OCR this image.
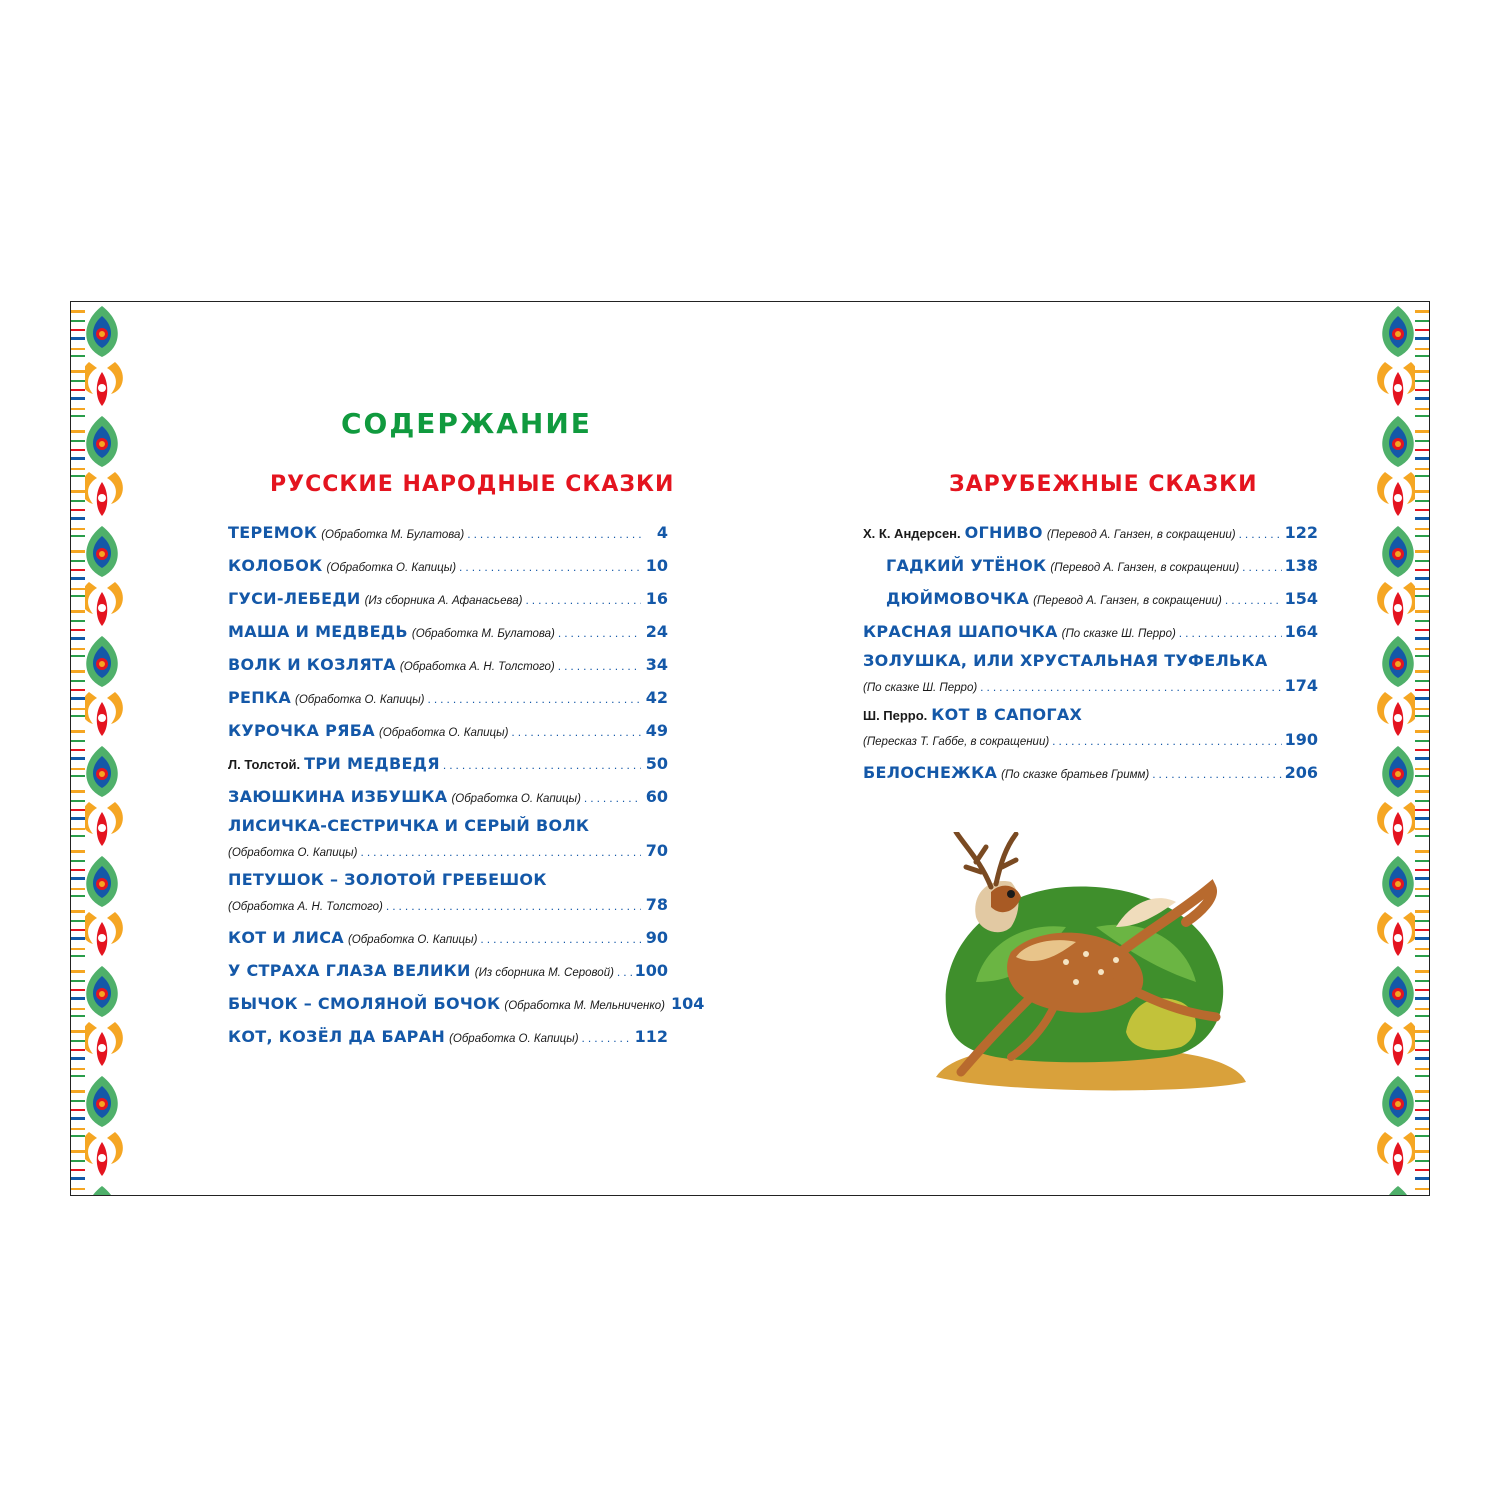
СОДЕРЖАНИЕ
РУССКИЕ НАРОДНЫЕ СКАЗКИ	ЗАРУБЕЖНЫЕ СКАЗКИ
ТЕРЕМОК (Обработка М. Булатова) .....	4
КОЛОБОК (Обработка О. Капицы) .....	10
ГУСИ-ЛЕБЕДИ (Из сборника А. Афанасьева) .....	16
МАША И МЕДВЕДЬ (Обработка М. Булатова) .....	24
ВОЛК И КОЗЛЯТА (Обработка А. Н. Толстого) .....	34
РЕПКА (Обработка О. Капицы) .....	42
КУРОЧКА РЯБА (Обработка О. Капицы) .....	49
Л. Толстой. ТРИ МЕДВЕДЯ .....	50
ЗАЮШКИНА ИЗБУШКА (Обработка О. Капицы) .....	60
ЛИСИЧКА-СЕСТРИЧКА И СЕРЫЙ ВОЛК
(Обработка О. Капицы) .....	70
ПЕТУШОК – ЗОЛОТОЙ ГРЕБЕШОК
(Обработка А. Н. Толстого) .....	78
КОТ И ЛИСА (Обработка О. Капицы) .....	90
У СТРАХА ГЛАЗА ВЕЛИКИ (Из сборника М. Серовой) ..... 100
БЫЧОК – СМОЛЯНОЙ БОЧОК (Обработка М. Мельниченко) 104
КОТ, КОЗЁЛ ДА БАРАН (Обработка О. Капицы) .....	112
Х. К. Андерсен. ОГНИВО (Перевод А. Ганзен, в сокращении) .....	122
ГАДКИЙ УТЁНОК (Перевод А. Ганзен, в сокращении) .....	138
ДЮЙМОВОЧКА (Перевод А. Ганзен, в сокращении) .....	154
КРАСНАЯ ШАПОЧКА (По сказке Ш. Перро) .....	164
ЗОЛУШКА, ИЛИ ХРУСТАЛЬНАЯ ТУФЕЛЬКА
(По сказке Ш. Перро) .....	174
Ш. Перро. КОТ В САПОГАХ
(Пересказ Т. Габбе, в сокращении) .....	190
БЕЛОСНЕЖКА (По сказке братьев Гримм) .....	206
